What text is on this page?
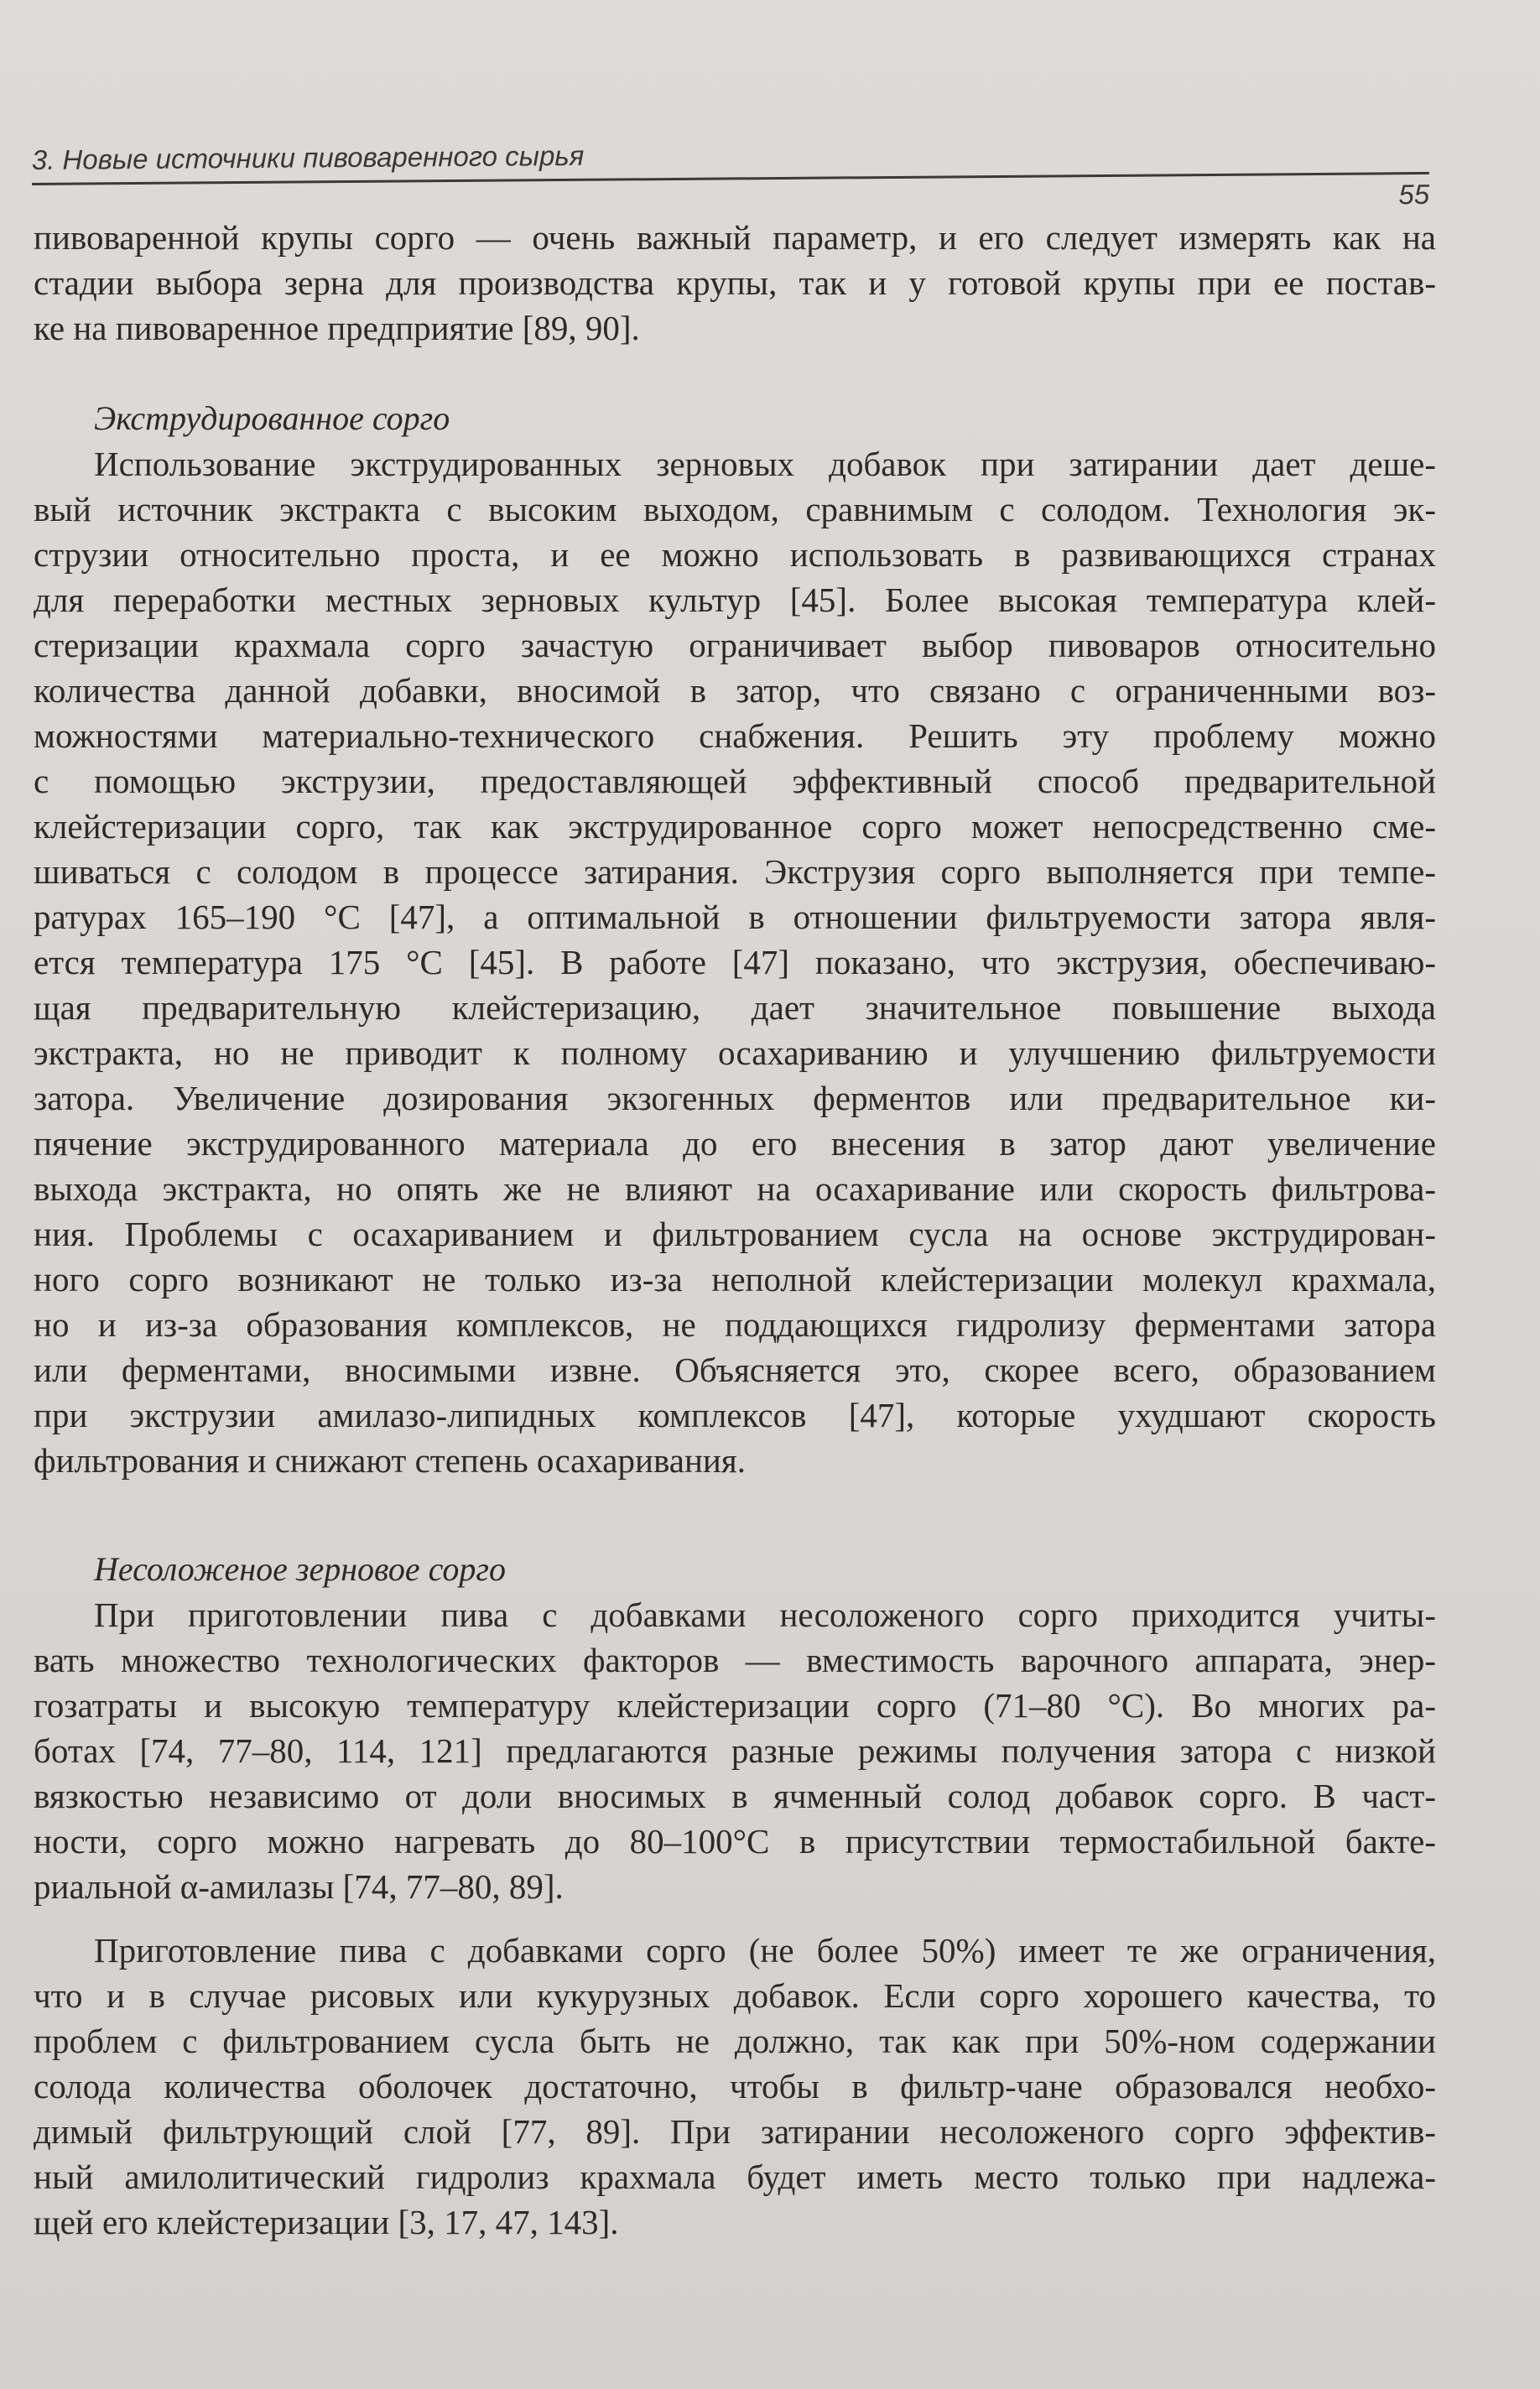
3. Новые источники пивоваренного сырья
55
пивоваренной крупы сорго — очень важный параметр, и его следует измерять как на
стадии выбора зерна для производства крупы, так и у готовой крупы при ее постав-
ке на пивоваренное предприятие [89, 90].
Экструдированное сорго
Использование экструдированных зерновых добавок при затирании дает деше-
вый источник экстракта с высоким выходом, сравнимым с солодом. Технология эк-
струзии относительно проста, и ее можно использовать в развивающихся странах
для переработки местных зерновых культур [45]. Более высокая температура клей-
стеризации крахмала сорго зачастую ограничивает выбор пивоваров относительно
количества данной добавки, вносимой в затор, что связано с ограниченными воз-
можностями материально-технического снабжения. Решить эту проблему можно
с помощью экструзии, предоставляющей эффективный способ предварительной
клейстеризации сорго, так как экструдированное сорго может непосредственно сме-
шиваться с солодом в процессе затирания. Экструзия сорго выполняется при темпе-
ратурах 165–190 °С [47], а оптимальной в отношении фильтруемости затора явля-
ется температура 175 °С [45]. В работе [47] показано, что экструзия, обеспечиваю-
щая предварительную клейстеризацию, дает значительное повышение выхода
экстракта, но не приводит к полному осахариванию и улучшению фильтруемости
затора. Увеличение дозирования экзогенных ферментов или предварительное ки-
пячение экструдированного материала до его внесения в затор дают увеличение
выхода экстракта, но опять же не влияют на осахаривание или скорость фильтрова-
ния. Проблемы с осахариванием и фильтрованием сусла на основе экструдирован-
ного сорго возникают не только из-за неполной клейстеризации молекул крахмала,
но и из-за образования комплексов, не поддающихся гидролизу ферментами затора
или ферментами, вносимыми извне. Объясняется это, скорее всего, образованием
при экструзии амилазо-липидных комплексов [47], которые ухудшают скорость
фильтрования и снижают степень осахаривания.
Несоложеное зерновое сорго
При приготовлении пива с добавками несоложеного сорго приходится учиты-
вать множество технологических факторов — вместимость варочного аппарата, энер-
гозатраты и высокую температуру клейстеризации сорго (71–80 °С). Во многих ра-
ботах [74, 77–80, 114, 121] предлагаются разные режимы получения затора с низкой
вязкостью независимо от доли вносимых в ячменный солод добавок сорго. В част-
ности, сорго можно нагревать до 80–100°С в присутствии термостабильной бакте-
риальной α-амилазы [74, 77–80, 89].
Приготовление пива с добавками сорго (не более 50%) имеет те же ограничения,
что и в случае рисовых или кукурузных добавок. Если сорго хорошего качества, то
проблем с фильтрованием сусла быть не должно, так как при 50%-ном содержании
солода количества оболочек достаточно, чтобы в фильтр-чане образовался необхо-
димый фильтрующий слой [77, 89]. При затирании несоложеного сорго эффектив-
ный амилолитический гидролиз крахмала будет иметь место только при надлежа-
щей его клейстеризации [3, 17, 47, 143].
